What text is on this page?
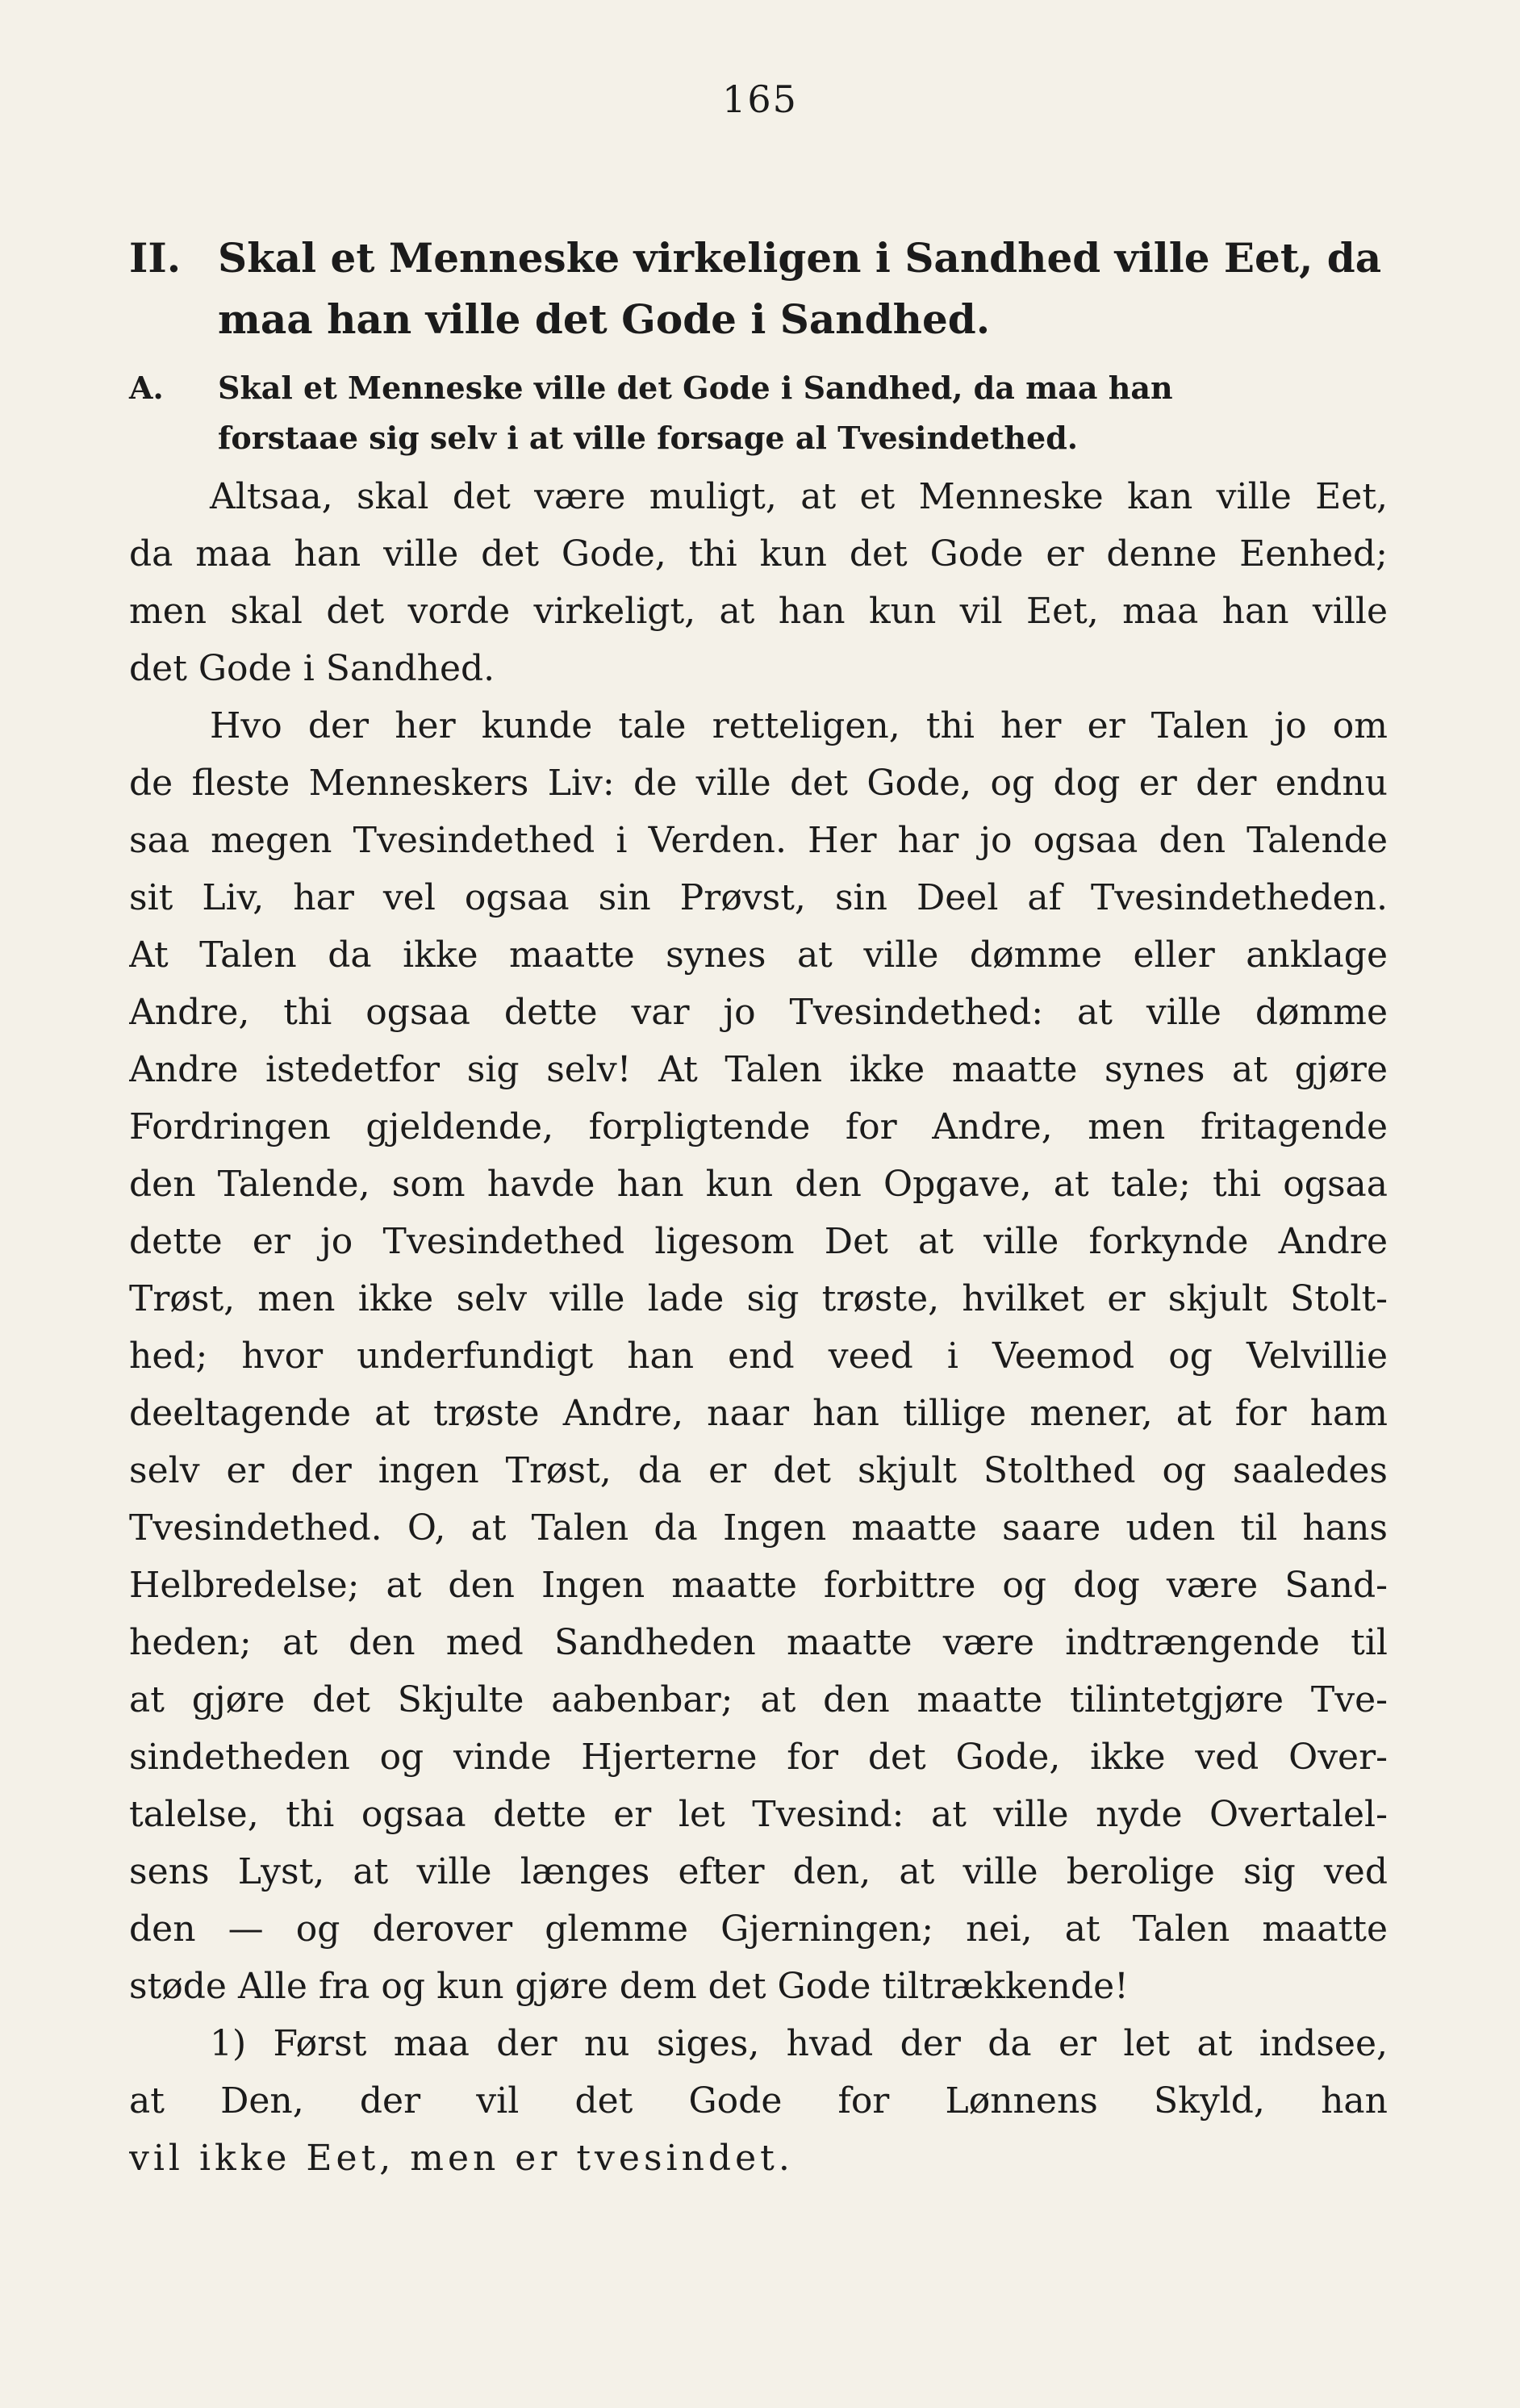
165
II. Skal et Menneske virkeligen i Sandhed ville Eet, da
maa han ville det Gode i Sandhed.
A. Skal et Menneske ville det Gode i Sandhed, da maa han
forstaae sig selv i at ville forsage al Tvesindethed.
Altsaa, skal det være muligt, at et Menneske kan ville Eet,
da maa han ville det Gode, thi kun det Gode er denne Eenhed;
men skal det vorde virkeligt, at han kun vil Eet, maa han ville
det Gode i Sandhed.
Hvo der her kunde tale retteligen, thi her er Talen jo om
de fleste Menneskers Liv: de ville det Gode, og dog er der endnu
saa megen Tvesindethed i Verden. Her har jo ogsaa den Talende
sit Liv, har vel ogsaa sin Prøvst, sin Deel af Tvesindetheden.
At Talen da ikke maatte synes at ville dømme eller anklage
Andre, thi ogsaa dette var jo Tvesindethed: at ville dømme
Andre istedetfor sig selv! At Talen ikke maatte synes at gjøre
Fordringen gjeldende, forpligtende for Andre, men fritagende
den Talende, som havde han kun den Opgave, at tale; thi ogsaa
dette er jo Tvesindethed ligesom Det at ville forkynde Andre
Trøst, men ikke selv ville lade sig trøste, hvilket er skjult Stolt-
hed; hvor underfundigt han end veed i Veemod og Velvillie
deeltagende at trøste Andre, naar han tillige mener, at for ham
selv er der ingen Trøst, da er det skjult Stolthed og saaledes
Tvesindethed. O, at Talen da Ingen maatte saare uden til hans
Helbredelse; at den Ingen maatte forbittre og dog være Sand-
heden; at den med Sandheden maatte være indtrængende til
at gjøre det Skjulte aabenbar; at den maatte tilintetgjøre Tve-
sindetheden og vinde Hjerterne for det Gode, ikke ved Over-
talelse, thi ogsaa dette er let Tvesind: at ville nyde Overtalel-
sens Lyst, at ville længes efter den, at ville berolige sig ved
den — og derover glemme Gjerningen; nei, at Talen maatte
støde Alle fra og kun gjøre dem det Gode tiltrækkende!
1) Først maa der nu siges, hvad der da er let at indsee,
at Den, der vil det Gode for Lønnens Skyld, han
vil ikke Eet, men er tvesindet.
